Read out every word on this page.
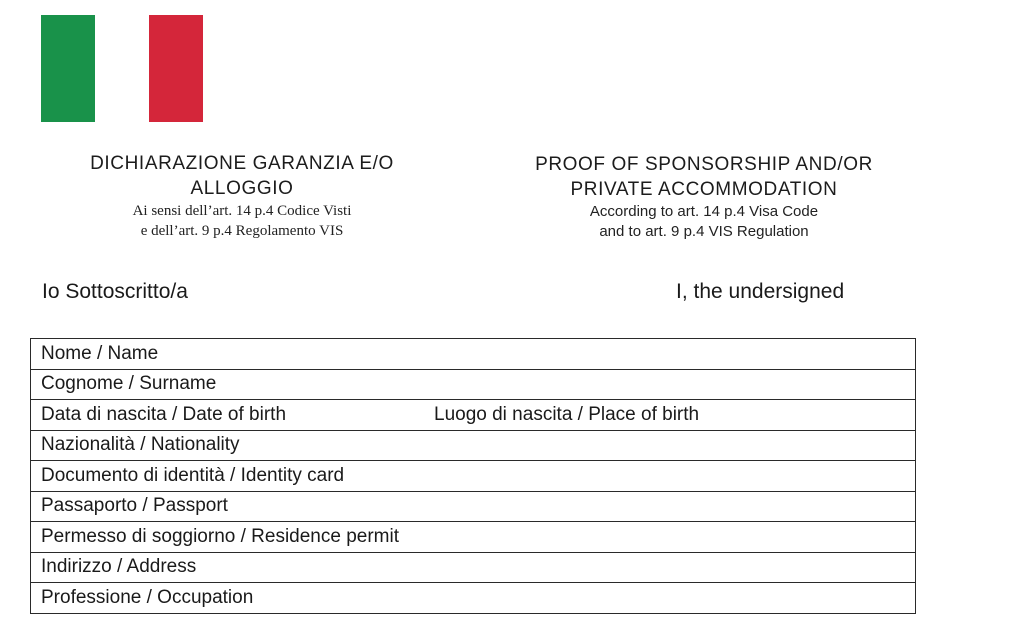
DICHIARAZIONE GARANZIA E/O
ALLOGGIO
Ai sensi dell’art. 14 p.4 Codice Visti
e dell’art. 9 p.4 Regolamento VIS
PROOF OF SPONSORSHIP AND/OR
PRIVATE ACCOMMODATION
According to art. 14 p.4 Visa Code
and to art. 9 p.4 VIS Regulation
Io Sottoscritto/a	I, the undersigned
Nome / Name
Cognome / Surname
Data di nascita / Date of birth	Luogo di nascita / Place of birth

Nazionalità / Nationality
Documento di identità / Identity card
Passaporto / Passport
Permesso di soggiorno / Residence permit
Indirizzo / Address
Professione / Occupation
